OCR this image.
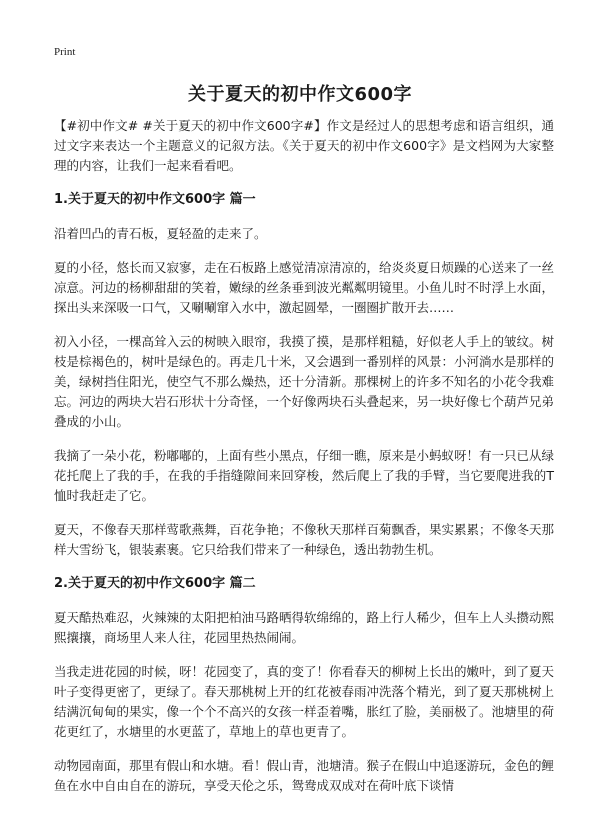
Print
关于夏天的初中作文600字

【#初中作文# #关于夏天的初中作文600字#】作文是经过人的思想考虑和语言组织，通过文字来表达一个主题意义的记叙方法。《关于夏天的初中作文600字》是文档网为大家整理的内容，让我们一起来看看吧。

1.关于夏天的初中作文600字 篇一

沿着凹凸的青石板，夏轻盈的走来了。

夏的小径，悠长而又寂寥，走在石板路上感觉清凉清凉的，给炎炎夏日烦躁的心送来了一丝凉意。河边的杨柳甜甜的笑着，嫩绿的丝条垂到波光粼粼明镜里。小鱼儿时不时浮上水面，探出头来深吸一口气，又唰唰窜入水中，激起圆晕，一圈圈扩散开去……

初入小径，一棵高耸入云的树映入眼帘，我摸了摸，是那样粗糙，好似老人手上的皱纹。树枝是棕褐色的，树叶是绿色的。再走几十米，又会遇到一番别样的风景：小河淌水是那样的美，绿树挡住阳光，使空气不那么燥热，还十分清新。那棵树上的许多不知名的小花令我难忘。河边的两块大岩石形状十分奇怪，一个好像两块石头叠起来，另一块好像七个葫芦兄弟叠成的小山。

我摘了一朵小花，粉嘟嘟的，上面有些小黑点，仔细一瞧，原来是小蚂蚁呀！有一只已从绿花托爬上了我的手，在我的手指缝隙间来回穿梭，然后爬上了我的手臂，当它要爬进我的T恤时我赶走了它。

夏天，不像春天那样莺歌燕舞，百花争艳；不像秋天那样百菊飘香，果实累累；不像冬天那样大雪纷飞，银装素裹。它只给我们带来了一种绿色，透出勃勃生机。

2.关于夏天的初中作文600字 篇二

夏天酷热难忍，火辣辣的太阳把柏油马路晒得软绵绵的，路上行人稀少，但车上人头攒动熙熙攘攘，商场里人来人往，花园里热热闹闹。

当我走进花园的时候，呀！花园变了，真的变了！你看春天的柳树上长出的嫩叶，到了夏天叶子变得更密了，更绿了。春天那桃树上开的红花被春雨冲洗落个精光，到了夏天那桃树上结满沉甸甸的果实，像一个个不高兴的女孩一样歪着嘴，胀红了脸，美丽极了。池塘里的荷花更红了，水塘里的水更蓝了，草地上的草也更青了。

动物园南面，那里有假山和水塘。看！假山青，池塘清。猴子在假山中追逐游玩，金色的鲤鱼在水中自由自在的游玩，享受天伦之乐，鸳鸯成双成对在荷叶底下谈情
